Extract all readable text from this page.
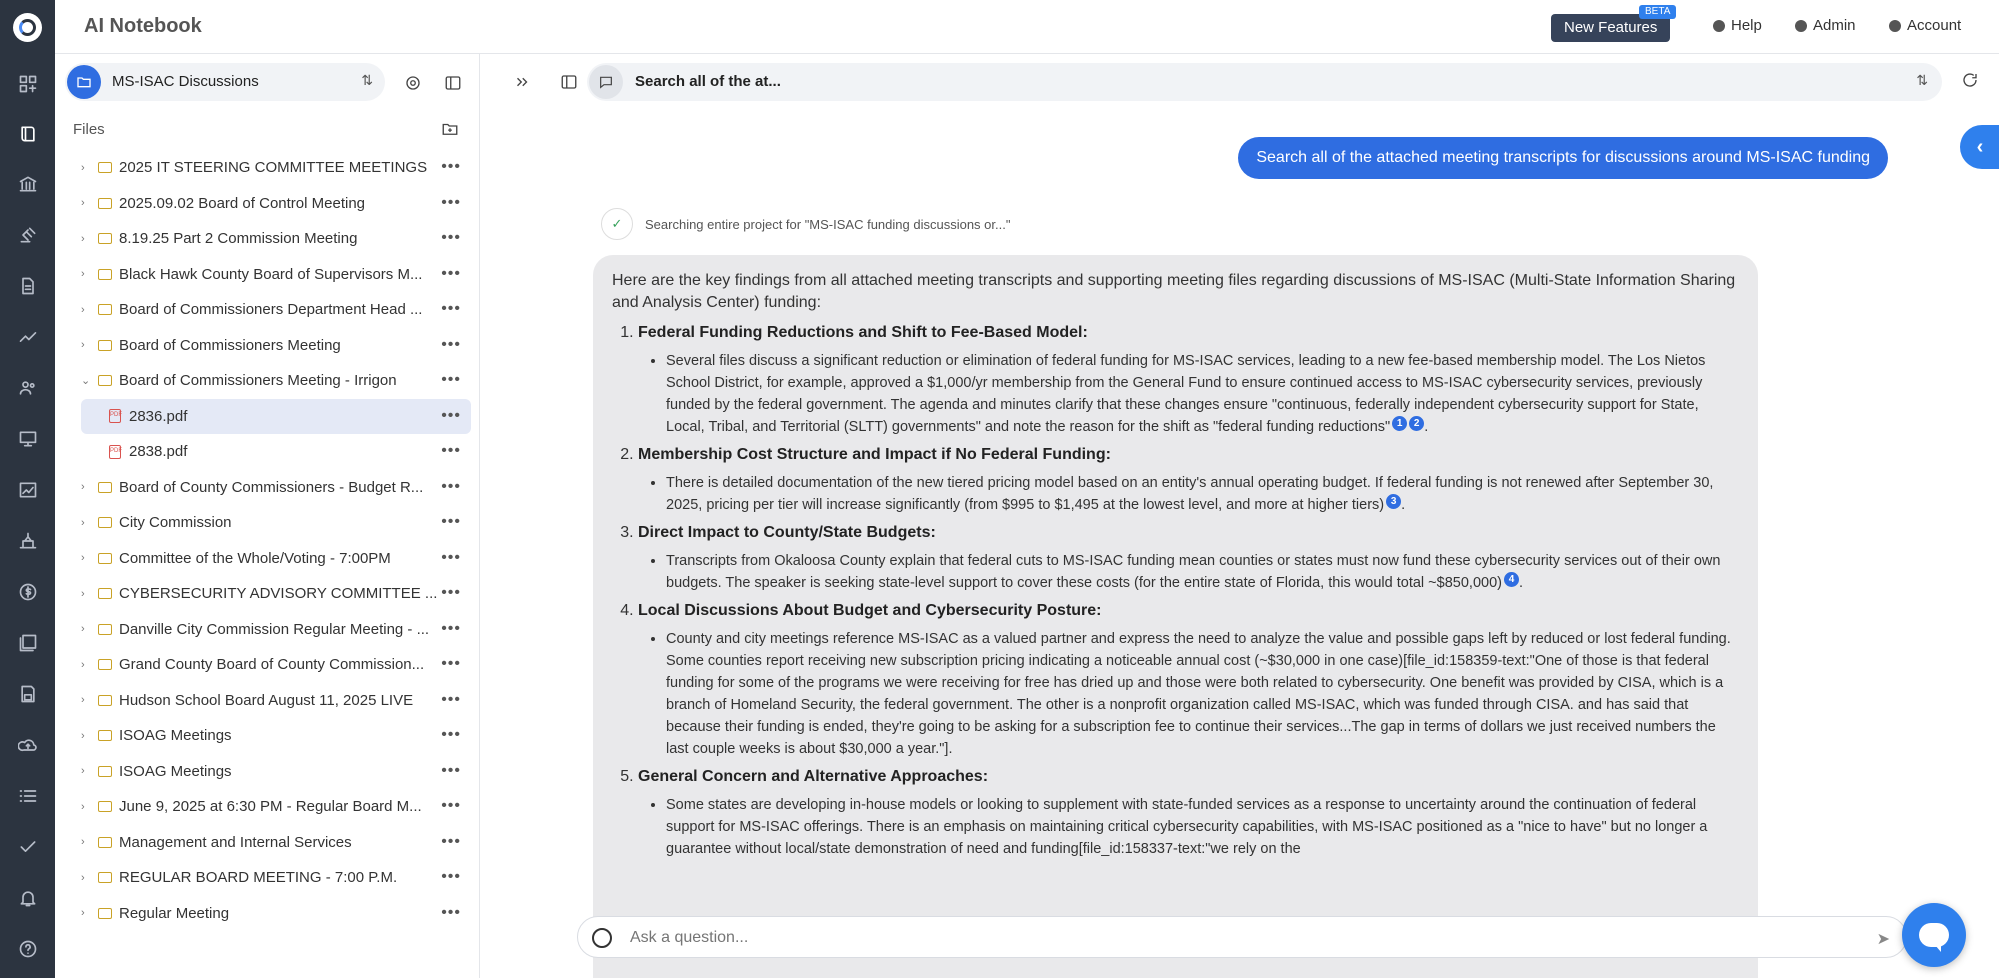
AI Notebook	New Features
BETA
Help	Admin	Account
MS-ISAC Discussions	⇅
Files
›	2025 IT STEERING COMMITTEE MEETINGS •••
›	2025.09.02 Board of Control Meeting	•••
›	8.19.25 Part 2 Commission Meeting	•••
›	Black Hawk County Board of Supervisors M...	•••
›	Board of Commissioners Department Head ...	•••
›	Board of Commissioners Meeting	•••
⌄	Board of Commissioners Meeting - Irrigon	•••
PDF 2836.pdf	•••
PDF 2838.pdf	•••
›	Board of County Commissioners - Budget R...	•••
›	City Commission	•••
›	Committee of the Whole/Voting - 7:00PM	•••
›	CYBERSECURITY ADVISORY COMMITTEE ... •••
›	Danville City Commission Regular Meeting - ... •••
›	Grand County Board of County Commission...	•••
›	Hudson School Board August 11, 2025 LIVE	•••
›	ISOAG Meetings	•••
›	ISOAG Meetings	•••
›	June 9, 2025 at 6:30 PM - Regular Board M...	•••
›	Management and Internal Services	•••
›	REGULAR BOARD MEETING - 7:00 P.M.	•••
›	Regular Meeting	•••
Search all of the at...	⇅
Search all of the attached meeting transcripts for discussions around MS-ISAC funding	‹
✓	Searching entire project for "MS-ISAC funding discussions or..."
Here are the key findings from all attached meeting transcripts and supporting meeting files regarding discussions of MS-ISAC (Multi-State Information Sharing and Analysis Center) funding:
1. Federal Funding Reductions and Shift to Fee-Based Model:
• Several files discuss a significant reduction or elimination of federal funding for MS-ISAC services, leading to a new fee-based membership model. The Los Nietos School District, for example, approved a $1,000/yr membership from the General Fund to ensure continued access to MS-ISAC cybersecurity services, previously funded by the federal government. The agenda and minutes clarify that these changes ensure "continuous, federally independent cybersecurity support for State, Local, Tribal, and Territorial (SLTT) governments" and note the reason for the shift as "federal funding reductions" 1 2 .
2. Membership Cost Structure and Impact if No Federal Funding:
• There is detailed documentation of the new tiered pricing model based on an entity's annual operating budget. If federal funding is not renewed after September 30, 2025, pricing per tier will increase significantly (from $995 to $1,495 at the lowest level, and more at higher tiers) 3 .
3. Direct Impact to County/State Budgets:
• Transcripts from Okaloosa County explain that federal cuts to MS-ISAC funding mean counties or states must now fund these cybersecurity services out of their own budgets. The speaker is seeking state-level support to cover these costs (for the entire state of Florida, this would total ~$850,000) 4 .
4. Local Discussions About Budget and Cybersecurity Posture:
• County and city meetings reference MS-ISAC as a valued partner and express the need to analyze the value and possible gaps left by reduced or lost federal funding. Some counties report receiving new subscription pricing indicating a noticeable annual cost (~$30,000 in one case)[file_id:158359-text:"One of those is that federal funding for some of the programs we were receiving for free has dried up and those were both related to cybersecurity. One benefit was provided by CISA, which is a branch of Homeland Security, the federal government. The other is a nonprofit organization called MS-ISAC, which was funded through CISA. and has said that because their funding is ended, they're going to be asking for a subscription fee to continue their services...The gap in terms of dollars we just received numbers the last couple weeks is about $30,000 a year."].
5. General Concern and Alternative Approaches:
• Some states are developing in-house models or looking to supplement with state-funded services as a response to uncertainty around the continuation of federal support for MS-ISAC offerings. There is an emphasis on maintaining critical cybersecurity capabilities, with MS-ISAC positioned as a "nice to have" but no longer a guarantee without local/state demonstration of need and funding[file_id:158337-text:"we rely on the
Ask a question...
➤
